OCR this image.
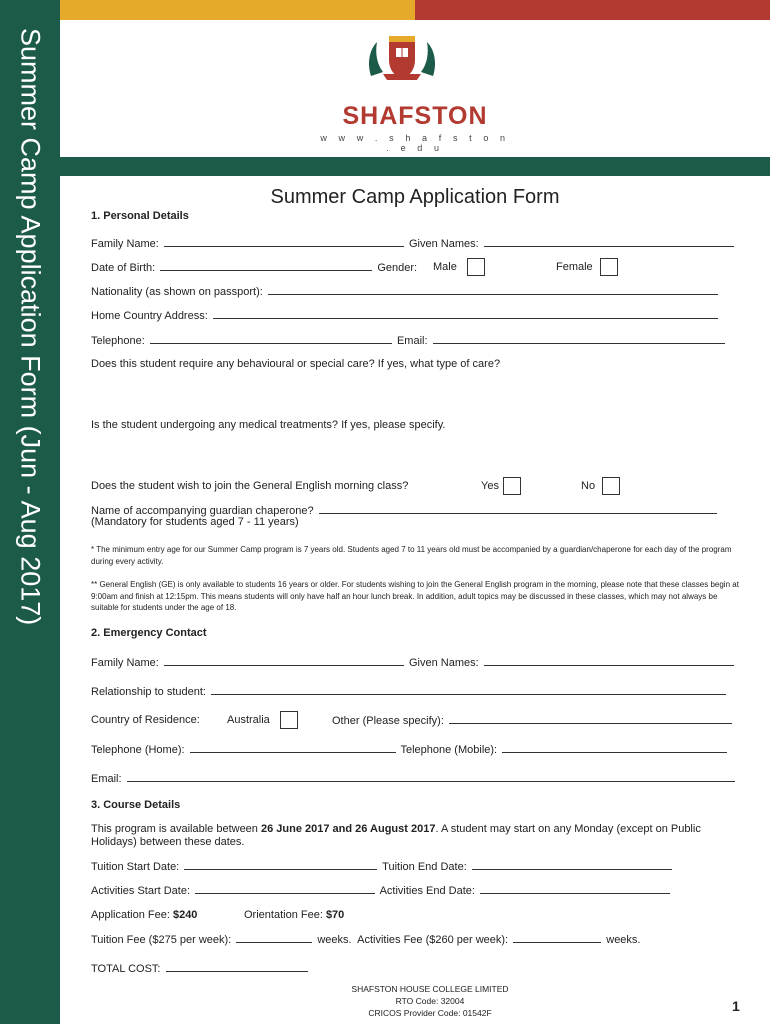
Summer Camp Application Form (Jun - Aug 2017)	SHAFSTON
w w w . s h a f s t o n . e d u
Summer Camp Application Form
1. Personal Details
Family Name:	Given Names:
Date of Birth:	Gender: Male	Female
Nationality (as shown on passport):
Home Country Address:
Telephone:	Email:
Does this student require any behavioural or special care? If yes, what type of care?
Is the student undergoing any medical treatments? If yes, please specify.
Does the student wish to join the General English morning class?	Yes	No
Name of accompanying guardian chaperone?
(Mandatory for students aged 7 - 11 years)
* The minimum entry age for our Summer Camp program is 7 years old. Students aged 7 to 11 years old must be accompanied by a guardian/chaperone for each day of the program during every activity.
** General English (GE) is only available to students 16 years or older. For students wishing to join the General English program in the morning, please note that these classes begin at 9:00am and finish at 12:15pm. This means students will only have half an hour lunch break. In addition, adult topics may be discussed in these classes, which may not always be suitable for students under the age of 18.
2. Emergency Contact
Family Name:	Given Names:
Relationship to student:
Country of Residence: Australia	Other (Please specify):
Telephone (Home):	Telephone (Mobile):
Email:
3. Course Details
This program is available between 26 June 2017 and 26 August 2017. A student may start on any Monday (except on Public Holidays) between these dates.
Tuition Start Date:	Tuition End Date:
Activities Start Date:	Activities End Date:
Application Fee: $240	Orientation Fee: $70
Tuition Fee ($275 per week):	weeks. Activities Fee ($260 per week):	weeks.
TOTAL COST:
SHAFSTON HOUSE COLLEGE LIMITED
RTO Code: 32004
CRICOS Provider Code: 01542F	1
